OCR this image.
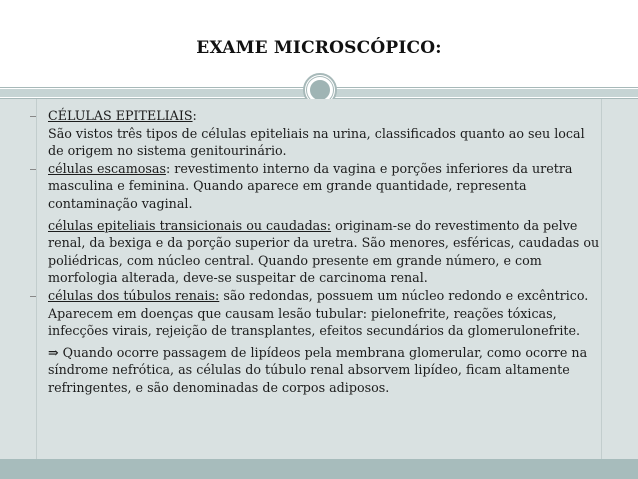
EXAME MICROSCÓPICO:

CÉLULAS EPITELIAIS:
São vistos três tipos de células epiteliais na urina, classificados quanto ao seu local de origem no sistema genitourinário.

células escamosas: revestimento interno da vagina e porções inferiores da uretra masculina e feminina. Quando aparece em grande quantidade, representa contaminação vaginal.

células epiteliais transicionais ou caudadas: originam-se do revestimento da pelve renal, da bexiga e da porção superior da uretra. São menores, esféricas, caudadas ou poliédricas, com núcleo central. Quando presente em grande número, e com morfologia alterada, deve-se suspeitar de carcinoma renal.

células dos túbulos renais: são redondas, possuem um núcleo redondo e excêntrico. Aparecem em doenças que causam lesão tubular: pielonefrite, reações tóxicas, infecções virais, rejeição de transplantes, efeitos secundários da glomerulonefrite.

⇒ Quando ocorre passagem de lipídeos pela membrana glomerular, como ocorre na síndrome nefrótica, as células do túbulo renal absorvem lipídeo, ficam altamente refringentes, e são denominadas de corpos adiposos.
